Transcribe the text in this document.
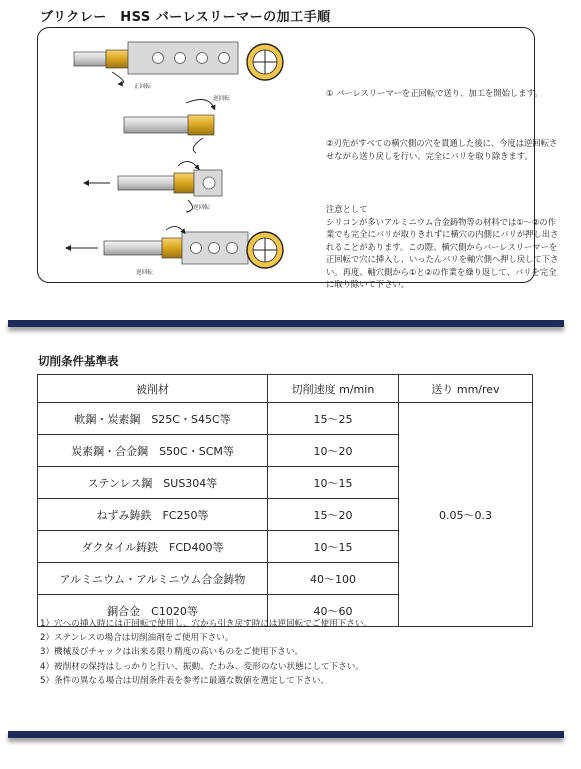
ブリクレー　HSS バーレスリーマーの加工手順
正回転
逆回転
逆回転
逆回転
① バーレスリーマーを正回転で送り、加工を開始します。
②刃先がすべての横穴側の穴を貫通した後に、今度は逆回転させながら送り戻しを行い、完全にバリを取り除きます。
注意として
シリコンが多いアルミニウム合金鋳物等の材料では①〜②の作業でも完全にバリが取りきれずに横穴の内側にバリが押し出されることがあります。この際、横穴側からバーレスリーマーを正回転で穴に挿入し、いったんバリを軸穴側へ押し戻して下さい。再度、軸穴側から①と②の作業を繰り返して、バリを完全に取り除いて下さい。
切削条件基準表
被削材	切削速度 m/min	送り mm/rev
軟鋼・炭素鋼　S25C・S45C等	15〜25	0.05〜0.3
炭素鋼・合金鋼　S50C・SCM等	10〜20	
ステンレス鋼　SUS304等	10〜15	
ねずみ鋳鉄　FC250等	15〜20	
ダクタイル鋳鉄　FCD400等	10〜15	
アルミニウム・アルミニウム合金鋳物	40〜100	
銅合金　C1020等	40〜60	
1）穴への挿入時には正回転で使用し、穴から引き戻す時には逆回転でご使用下さい。
2）ステンレスの場合は切削油剤をご使用下さい。
3）機械及びチャックは出来る限り精度の高いものをご使用下さい。
4）被削材の保持はしっかりと行い、振動、たわみ、変形のない状態にして下さい。
5）条件の異なる場合は切削条件表を参考に最適な数値を選定して下さい。
